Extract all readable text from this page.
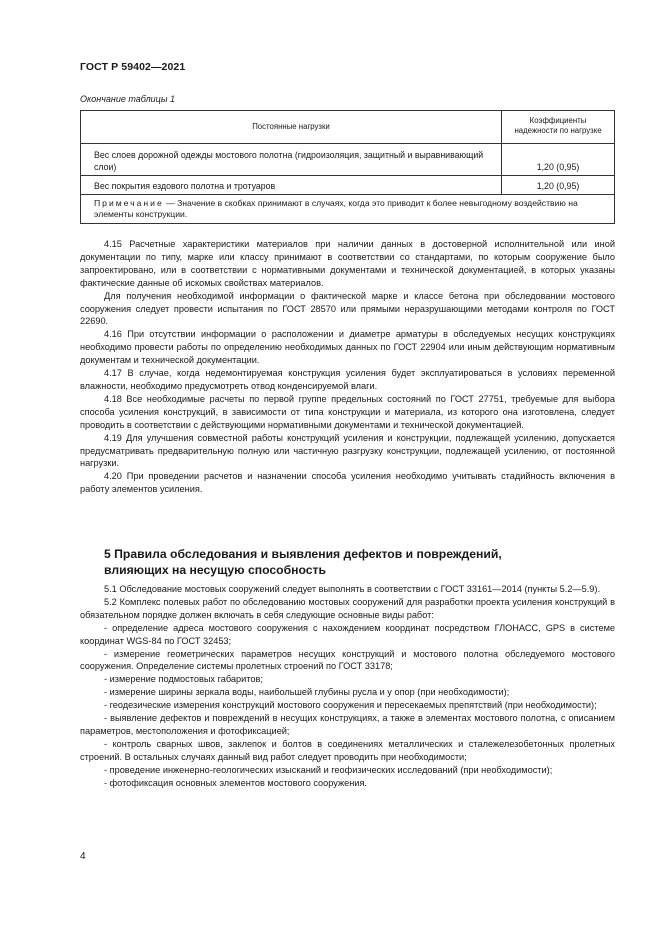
ГОСТ Р 59402—2021
Окончание таблицы 1
Постоянные нагрузки	Коэффициенты
надежности по нагрузке
Вес слоев дорожной одежды мостового полотна (гидроизоляция, защитный и выравнивающий слои)	1,20 (0,95)
Вес покрытия ездового полотна и тротуаров	1,20 (0,95)
Примечание — Значение в скобках принимают в случаях, когда это приводит к более невыгодному воздействию на элементы конструкции.	

4.15 Расчетные характеристики материалов при наличии данных в достоверной исполнительной или иной документации по типу, марке или классу принимают в соответствии со стандартами, по которым сооружение было запроектировано, или в соответствии с нормативными документами и технической документацией, в которых указаны фактические данные об искомых свойствах материалов.

Для получения необходимой информации о фактической марке и классе бетона при обследовании мостового сооружения следует провести испытания по ГОСТ 28570 или прямыми неразрушающими методами контроля по ГОСТ 22690.

4.16 При отсутствии информации о расположении и диаметре арматуры в обследуемых несущих конструкциях необходимо провести работы по определению необходимых данных по ГОСТ 22904 или иным действующим нормативным документам и технической документации.

4.17 В случае, когда недемонтируемая конструкция усиления будет эксплуатироваться в условиях переменной влажности, необходимо предусмотреть отвод конденсируемой влаги.

4.18 Все необходимые расчеты по первой группе предельных состояний по ГОСТ 27751, требуемые для выбора способа усиления конструкций, в зависимости от типа конструкции и материала, из которого она изготовлена, следует проводить в соответствии с действующими нормативными документами и технической документацией.

4.19 Для улучшения совместной работы конструкций усиления и конструкции, подлежащей усилению, допускается предусматривать предварительную полную или частичную разгрузку конструкции, подлежащей усилению, от постоянной нагрузки.

4.20 При проведении расчетов и назначении способа усиления необходимо учитывать стадийность включения в работу элементов усиления.

5 Правила обследования и выявления дефектов и повреждений,
влияющих на несущую способность

5.1 Обследование мостовых сооружений следует выполнять в соответствии с ГОСТ 33161—2014 (пункты 5.2—5.9).

5.2 Комплекс полевых работ по обследованию мостовых сооружений для разработки проекта усиления конструкций в обязательном порядке должен включать в себя следующие основные виды работ:

- определение адреса мостового сооружения с нахождением координат посредством ГЛОНАСС, GPS в системе координат WGS-84 по ГОСТ 32453;

- измерение геометрических параметров несущих конструкций и мостового полотна обследуемого мостового сооружения. Определение системы пролетных строений по ГОСТ 33178;

- измерение подмостовых габаритов;

- измерение ширины зеркала воды, наибольшей глубины русла и у опор (при необходимости);

- геодезические измерения конструкций мостового сооружения и пересекаемых препятствий (при необходимости);

- выявление дефектов и повреждений в несущих конструкциях, а также в элементах мостового полотна, с описанием параметров, местоположения и фотофиксацией;

- контроль сварных швов, заклепок и болтов в соединениях металлических и сталежелезобетонных пролетных строений. В остальных случаях данный вид работ следует проводить при необходимости;

- проведение инженерно-геологических изысканий и геофизических исследований (при необходимости);

- фотофиксация основных элементов мостового сооружения.

4
